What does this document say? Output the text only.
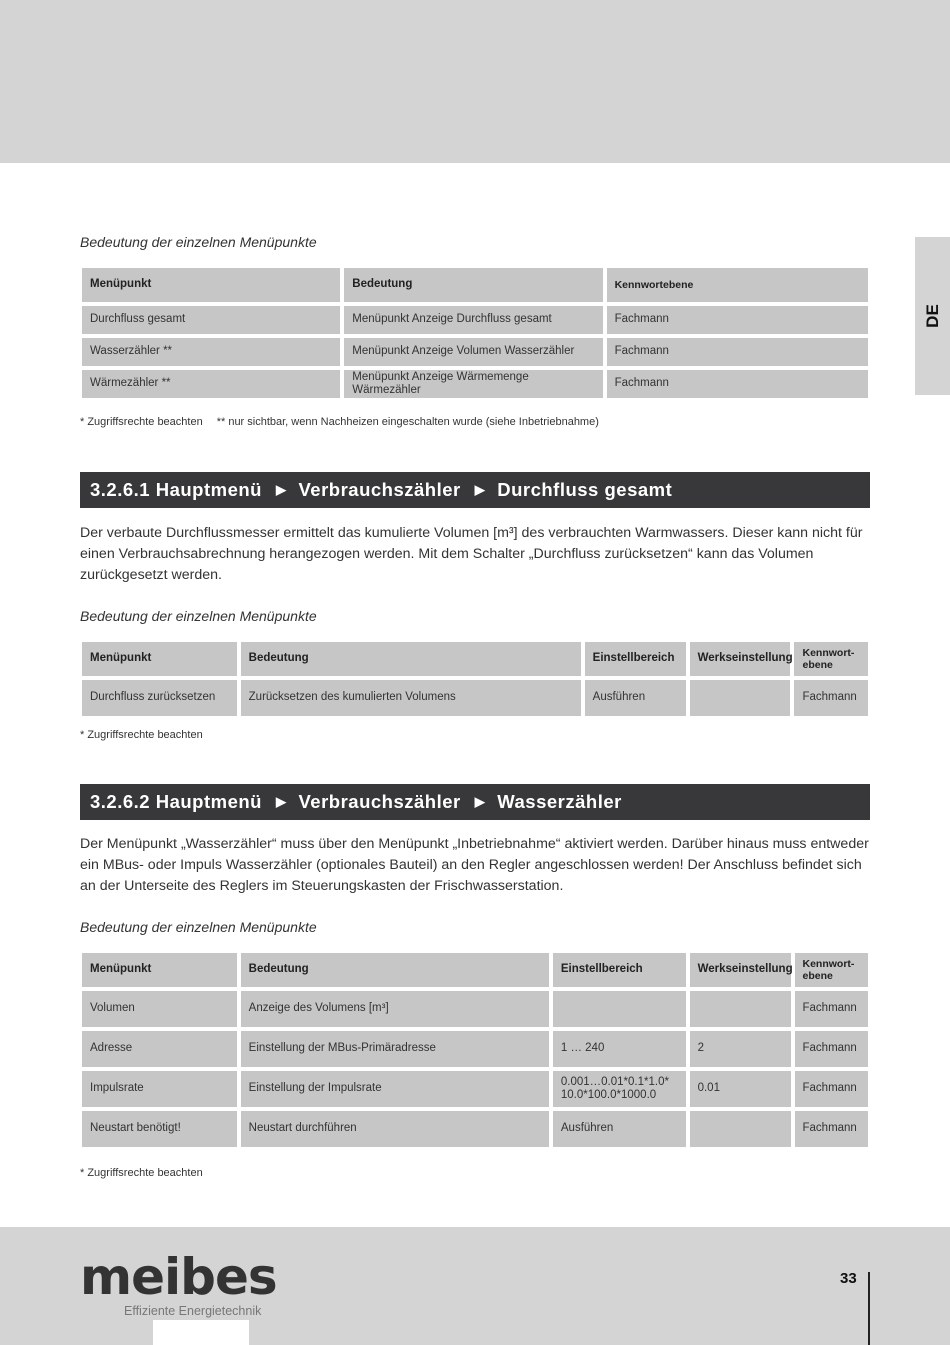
DE
Bedeutung der einzelnen Menüpunkte
Menüpunkt	Bedeutung	Kennwortebene
Durchfluss gesamt	Menüpunkt Anzeige Durchfluss gesamt	Fachmann
Wasserzähler **	Menüpunkt Anzeige Volumen Wasserzähler	Fachmann
Wärmezähler **	Menüpunkt Anzeige Wärmemenge Wärmezähler	Fachmann
* Zugriffsrechte beachten ** nur sichtbar, wenn Nachheizen eingeschalten wurde (siehe Inbetriebnahme)
3.2.6.1 Hauptmenü ▶ Verbrauchszähler ▶ Durchfluss gesamt
Der verbaute Durchflussmesser ermittelt das kumulierte Volumen [m³] des verbrauchten Warmwassers. Dieser kann nicht für einen Verbrauchsabrechnung herangezogen werden. Mit dem Schalter „Durchfluss zurücksetzen“ kann das Volumen zurückgesetzt werden.
Bedeutung der einzelnen Menüpunkte
Menüpunkt	Bedeutung	Einstellbereich	Werkseinstellung	Kennwort-
ebene
Durchfluss zurücksetzen	Zurücksetzen des kumulierten Volumens	Ausführen		Fachmann
* Zugriffsrechte beachten
3.2.6.2 Hauptmenü ▶ Verbrauchszähler ▶ Wasserzähler
Der Menüpunkt „Wasserzähler“ muss über den Menüpunkt „Inbetriebnahme“ aktiviert werden. Darüber hinaus muss entweder ein MBus- oder Impuls Wasserzähler (optionales Bauteil) an den Regler angeschlossen werden! Der Anschluss befindet sich an der Unterseite des Reglers im Steuerungskasten der Frischwasserstation.
Bedeutung der einzelnen Menüpunkte
Menüpunkt	Bedeutung	Einstellbereich	Werkseinstellung	Kennwort-
ebene
Volumen	Anzeige des Volumens [m³]			Fachmann
Adresse	Einstellung der MBus-Primäradresse	1 … 240	2	Fachmann
Impulsrate	Einstellung der Impulsrate	0.001…0.01*0.1*1.0*
10.0*100.0*1000.0	0.01	Fachmann
Neustart benötigt!	Neustart durchführen	Ausführen		Fachmann
* Zugriffsrechte beachten
meibes
Effiziente Energietechnik
33
